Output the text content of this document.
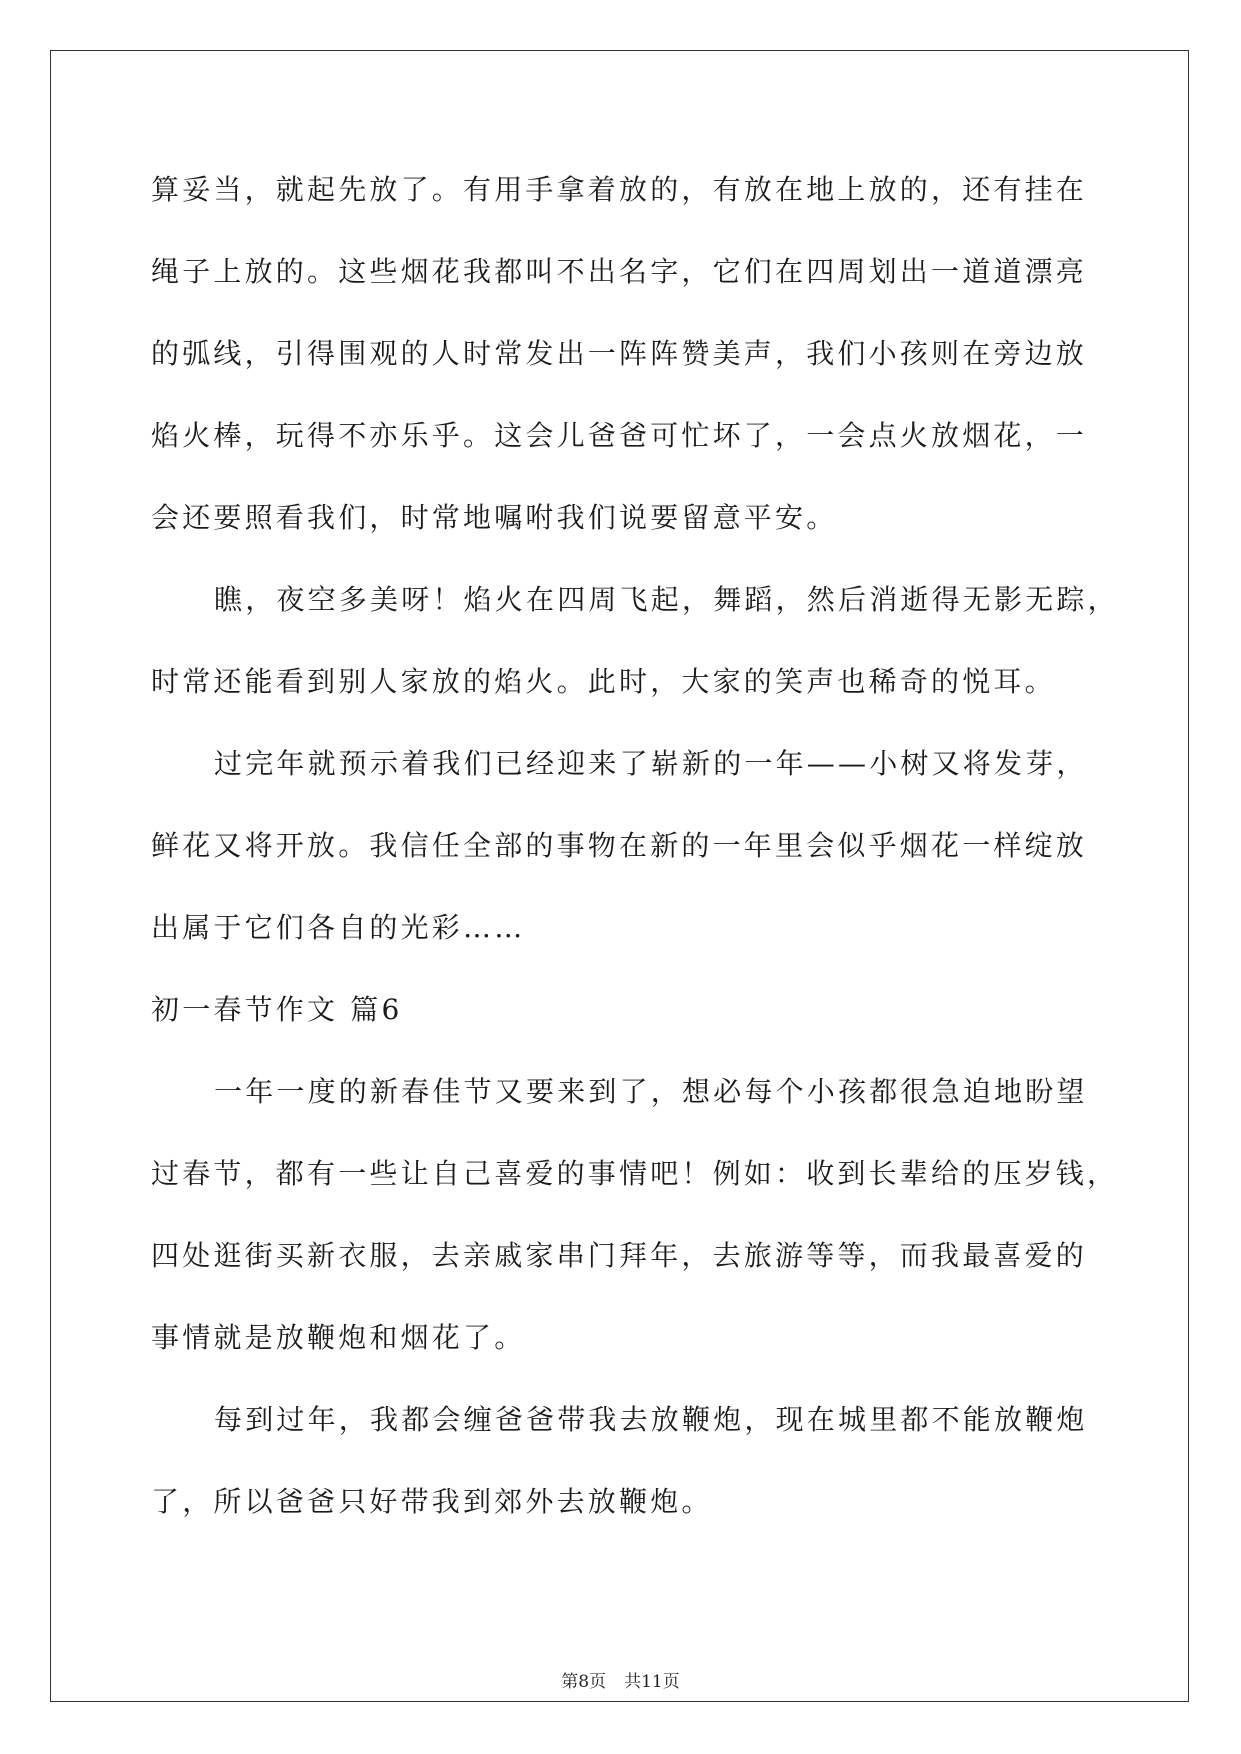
算妥当，就起先放了。有用手拿着放的，有放在地上放的，还有挂在
绳子上放的。这些烟花我都叫不出名字，它们在四周划出一道道漂亮
的弧线，引得围观的人时常发出一阵阵赞美声，我们小孩则在旁边放
焰火棒，玩得不亦乐乎。这会儿爸爸可忙坏了，一会点火放烟花，一
会还要照看我们，时常地嘱咐我们说要留意平安。
瞧，夜空多美呀！焰火在四周飞起，舞蹈，然后消逝得无影无踪，
时常还能看到别人家放的焰火。此时，大家的笑声也稀奇的悦耳。
过完年就预示着我们已经迎来了崭新的一年——小树又将发芽，
鲜花又将开放。我信任全部的事物在新的一年里会似乎烟花一样绽放
出属于它们各自的光彩……
初一春节作文 篇6
一年一度的新春佳节又要来到了，想必每个小孩都很急迫地盼望
过春节，都有一些让自己喜爱的事情吧！例如：收到长辈给的压岁钱，
四处逛街买新衣服，去亲戚家串门拜年，去旅游等等，而我最喜爱的
事情就是放鞭炮和烟花了。
每到过年，我都会缠爸爸带我去放鞭炮，现在城里都不能放鞭炮
了，所以爸爸只好带我到郊外去放鞭炮。
第8页 共11页
